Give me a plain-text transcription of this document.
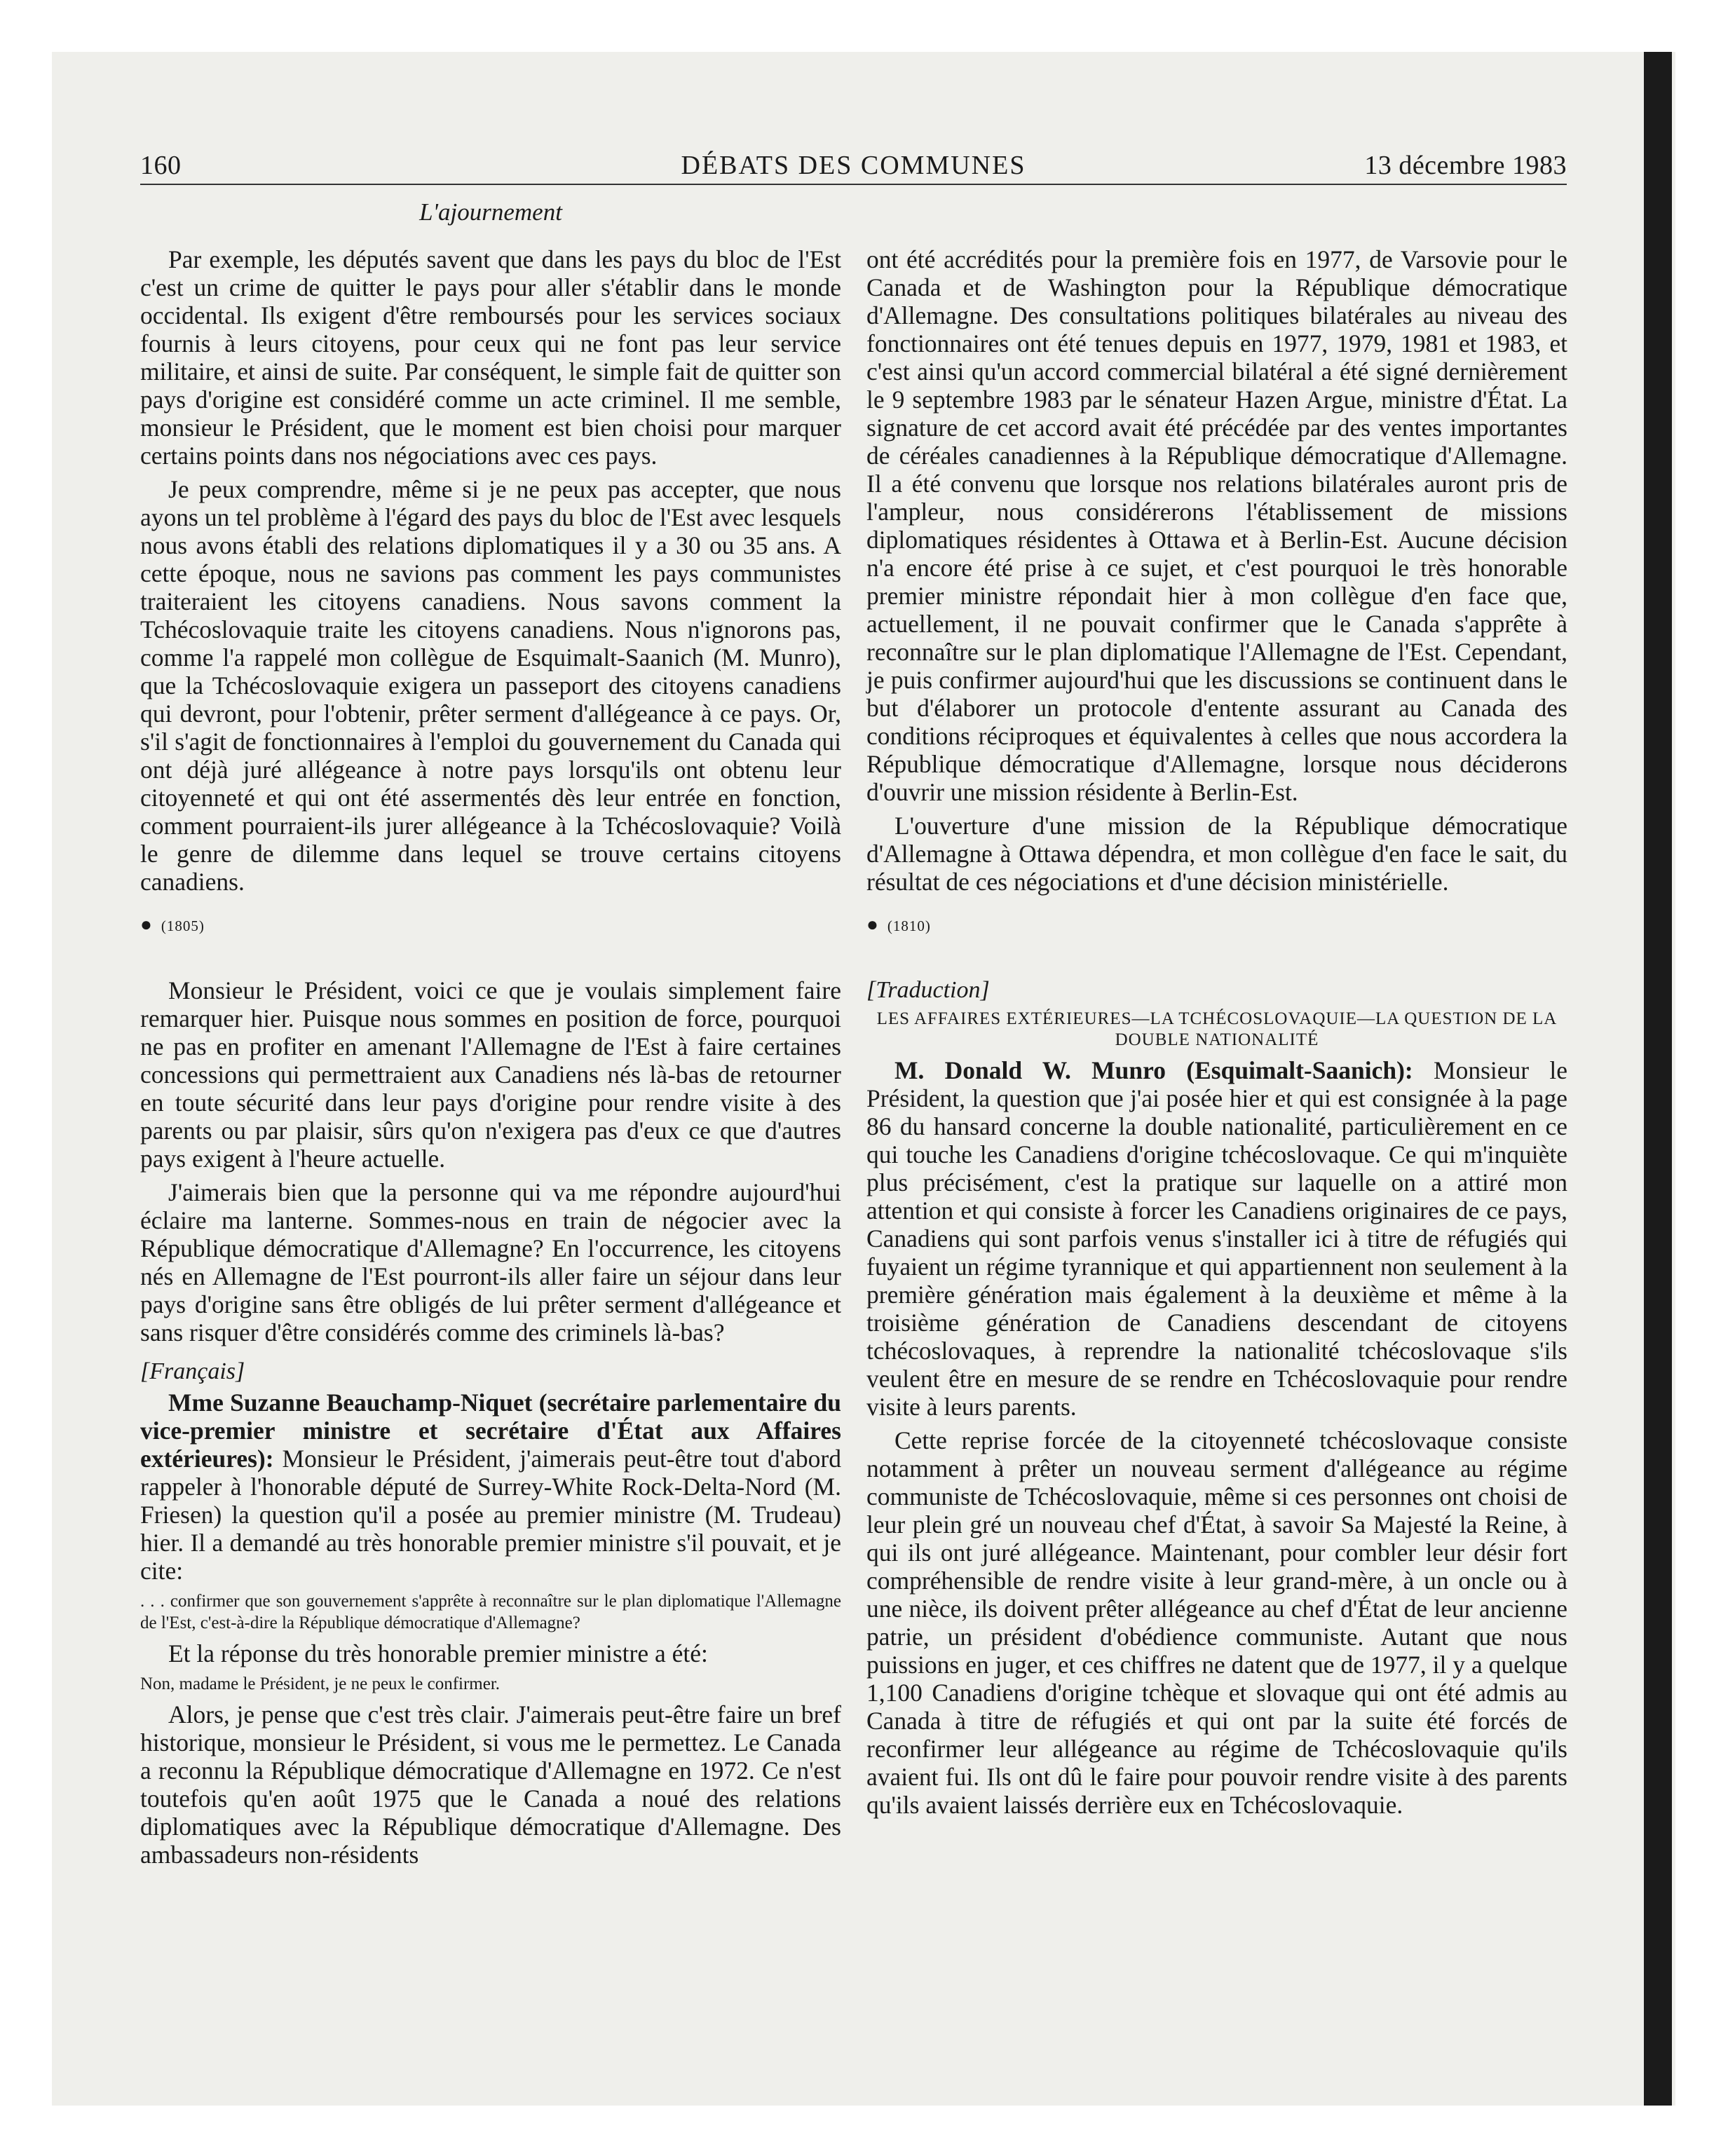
160	DÉBATS DES COMMUNES	13 décembre 1983
L'ajournement

Par exemple, les députés savent que dans les pays du bloc de l'Est c'est un crime de quitter le pays pour aller s'établir dans le monde occidental. Ils exigent d'être remboursés pour les services sociaux fournis à leurs citoyens, pour ceux qui ne font pas leur service militaire, et ainsi de suite. Par conséquent, le simple fait de quitter son pays d'origine est considéré comme un acte criminel. Il me semble, monsieur le Président, que le moment est bien choisi pour marquer certains points dans nos négociations avec ces pays.

Je peux comprendre, même si je ne peux pas accepter, que nous ayons un tel problème à l'égard des pays du bloc de l'Est avec lesquels nous avons établi des relations diplomatiques il y a 30 ou 35 ans. A cette époque, nous ne savions pas comment les pays communistes traiteraient les citoyens canadiens. Nous savons comment la Tchécoslovaquie traite les citoyens canadiens. Nous n'ignorons pas, comme l'a rappelé mon collègue de Esquimalt-Saanich (M. Munro), que la Tchécoslovaquie exigera un passeport des citoyens canadiens qui devront, pour l'obtenir, prêter serment d'allégeance à ce pays. Or, s'il s'agit de fonctionnaires à l'emploi du gouvernement du Canada qui ont déjà juré allégeance à notre pays lorsqu'ils ont obtenu leur citoyenneté et qui ont été assermentés dès leur entrée en fonction, comment pourraient-ils jurer allégeance à la Tchécoslovaquie? Voilà le genre de dilemme dans lequel se trouve certains citoyens canadiens.

● (1805)

Monsieur le Président, voici ce que je voulais simplement faire remarquer hier. Puisque nous sommes en position de force, pourquoi ne pas en profiter en amenant l'Allemagne de l'Est à faire certaines concessions qui permettraient aux Canadiens nés là-bas de retourner en toute sécurité dans leur pays d'origine pour rendre visite à des parents ou par plaisir, sûrs qu'on n'exigera pas d'eux ce que d'autres pays exigent à l'heure actuelle.

J'aimerais bien que la personne qui va me répondre aujourd'hui éclaire ma lanterne. Sommes-nous en train de négocier avec la République démocratique d'Allemagne? En l'occurrence, les citoyens nés en Allemagne de l'Est pourront-ils aller faire un séjour dans leur pays d'origine sans être obligés de lui prêter serment d'allégeance et sans risquer d'être considérés comme des criminels là-bas?

[Français]

Mme Suzanne Beauchamp-Niquet (secrétaire parlementaire du vice-premier ministre et secrétaire d'État aux Affaires extérieures): Monsieur le Président, j'aimerais peut-être tout d'abord rappeler à l'honorable député de Surrey-White Rock-Delta-Nord (M. Friesen) la question qu'il a posée au premier ministre (M. Trudeau) hier. Il a demandé au très honorable premier ministre s'il pouvait, et je cite:

. . . confirmer que son gouvernement s'apprête à reconnaître sur le plan diplomatique l'Allemagne de l'Est, c'est-à-dire la République démocratique d'Allemagne?

Et la réponse du très honorable premier ministre a été:

Non, madame le Président, je ne peux le confirmer.

Alors, je pense que c'est très clair. J'aimerais peut-être faire un bref historique, monsieur le Président, si vous me le permettez. Le Canada a reconnu la République démocratique d'Allemagne en 1972. Ce n'est toutefois qu'en août 1975 que le Canada a noué des relations diplomatiques avec la République démocratique d'Allemagne. Des ambassadeurs non-résidents

ont été accrédités pour la première fois en 1977, de Varsovie pour le Canada et de Washington pour la République démocratique d'Allemagne. Des consultations politiques bilatérales au niveau des fonctionnaires ont été tenues depuis en 1977, 1979, 1981 et 1983, et c'est ainsi qu'un accord commercial bilatéral a été signé dernièrement le 9 septembre 1983 par le sénateur Hazen Argue, ministre d'État. La signature de cet accord avait été précédée par des ventes importantes de céréales canadiennes à la République démocratique d'Allemagne. Il a été convenu que lorsque nos relations bilatérales auront pris de l'ampleur, nous considérerons l'établissement de missions diplomatiques résidentes à Ottawa et à Berlin-Est. Aucune décision n'a encore été prise à ce sujet, et c'est pourquoi le très honorable premier ministre répondait hier à mon collègue d'en face que, actuellement, il ne pouvait confirmer que le Canada s'apprête à reconnaître sur le plan diplomatique l'Allemagne de l'Est. Cependant, je puis confirmer aujourd'hui que les discussions se continuent dans le but d'élaborer un protocole d'entente assurant au Canada des conditions réciproques et équivalentes à celles que nous accordera la République démocratique d'Allemagne, lorsque nous déciderons d'ouvrir une mission résidente à Berlin-Est.

L'ouverture d'une mission de la République démocratique d'Allemagne à Ottawa dépendra, et mon collègue d'en face le sait, du résultat de ces négociations et d'une décision ministérielle.

● (1810)
[Traduction]
LES AFFAIRES EXTÉRIEURES—LA TCHÉCOSLOVAQUIE—LA QUESTION DE LA DOUBLE NATIONALITÉ

M. Donald W. Munro (Esquimalt-Saanich): Monsieur le Président, la question que j'ai posée hier et qui est consignée à la page 86 du hansard concerne la double nationalité, particulièrement en ce qui touche les Canadiens d'origine tchécoslovaque. Ce qui m'inquiète plus précisément, c'est la pratique sur laquelle on a attiré mon attention et qui consiste à forcer les Canadiens originaires de ce pays, Canadiens qui sont parfois venus s'installer ici à titre de réfugiés qui fuyaient un régime tyrannique et qui appartiennent non seulement à la première génération mais également à la deuxième et même à la troisième génération de Canadiens descendant de citoyens tchécoslovaques, à reprendre la nationalité tchécoslovaque s'ils veulent être en mesure de se rendre en Tchécoslovaquie pour rendre visite à leurs parents.

Cette reprise forcée de la citoyenneté tchécoslovaque consiste notamment à prêter un nouveau serment d'allégeance au régime communiste de Tchécoslovaquie, même si ces personnes ont choisi de leur plein gré un nouveau chef d'État, à savoir Sa Majesté la Reine, à qui ils ont juré allégeance. Maintenant, pour combler leur désir fort compréhensible de rendre visite à leur grand-mère, à un oncle ou à une nièce, ils doivent prêter allégeance au chef d'État de leur ancienne patrie, un président d'obédience communiste. Autant que nous puissions en juger, et ces chiffres ne datent que de 1977, il y a quelque 1,100 Canadiens d'origine tchèque et slovaque qui ont été admis au Canada à titre de réfugiés et qui ont par la suite été forcés de reconfirmer leur allégeance au régime de Tchécoslovaquie qu'ils avaient fui. Ils ont dû le faire pour pouvoir rendre visite à des parents qu'ils avaient laissés derrière eux en Tchécoslovaquie.
